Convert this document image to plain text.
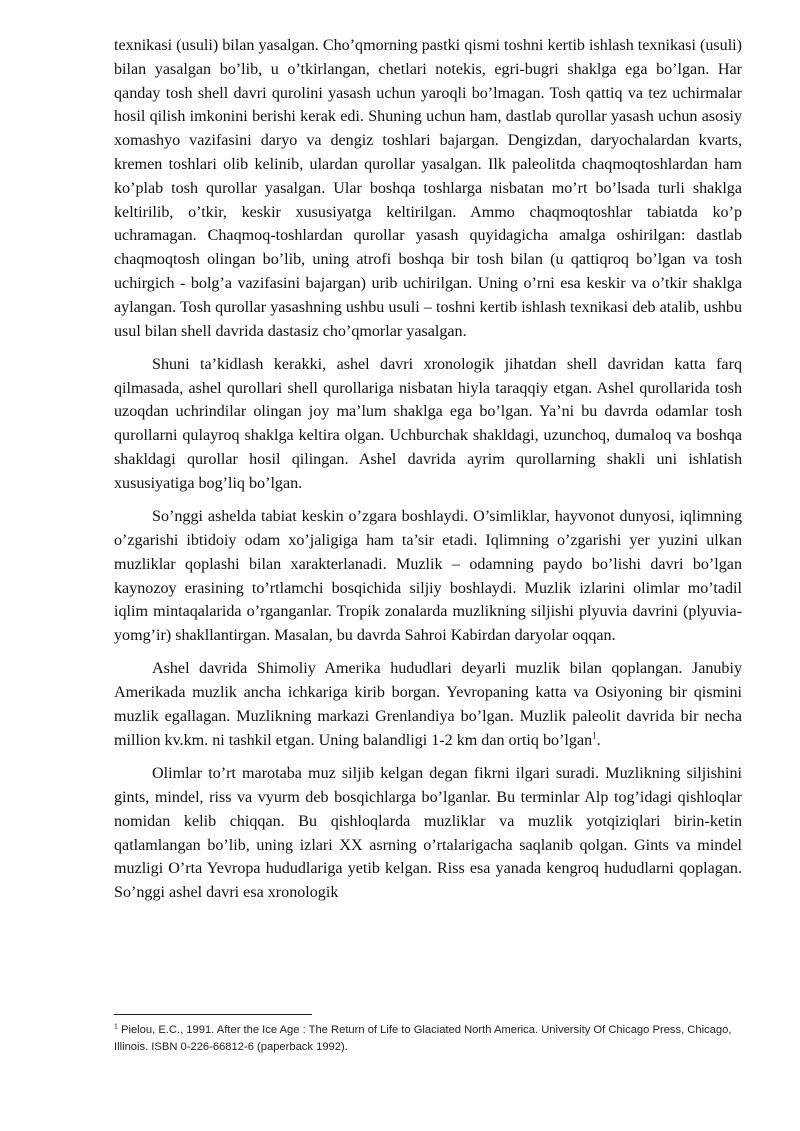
texnikasi (usuli) bilan yasalgan. Cho’qmorning pastki qismi toshni kertib ishlash texnikasi (usuli) bilan yasalgan bo’lib, u o’tkirlangan, chetlari notekis, egri-bugri shaklga ega bo’lgan. Har qanday tosh shell davri qurolini yasash uchun yaroqli bo’lmagan. Tosh qattiq va tez uchirmalar hosil qilish imkonini berishi kerak edi. Shuning uchun ham, dastlab qurollar yasash uchun asosiy xomashyo vazifasini daryo va dengiz toshlari bajargan. Dengizdan, daryochalardan kvarts, kremen toshlari olib kelinib, ulardan qurollar yasalgan. Ilk paleolitda chaqmoqtoshlardan ham ko’plab tosh qurollar yasalgan. Ular boshqa toshlarga nisbatan mo’rt bo’lsada turli shaklga keltirilib, o’tkir, keskir xususiyatga keltirilgan. Ammo chaqmoqtoshlar tabiatda ko’p uchramagan. Chaqmoq-toshlardan qurollar yasash quyidagicha amalga oshirilgan: dastlab chaqmoqtosh olingan bo’lib, uning atrofi boshqa bir tosh bilan (u qattiqroq bo’lgan va tosh uchirgich - bolg’a vazifasini bajargan) urib uchirilgan. Uning o’rni esa keskir va o’tkir shaklga aylangan. Tosh qurollar yasashning ushbu usuli – toshni kertib ishlash texnikasi deb atalib, ushbu usul bilan shell davrida dastasiz cho’qmorlar yasalgan.

Shuni ta’kidlash kerakki, ashel davri xronologik jihatdan shell davridan katta farq qilmasada, ashel qurollari shell qurollariga nisbatan hiyla taraqqiy etgan. Ashel qurollarida tosh uzoqdan uchrindilar olingan joy ma’lum shaklga ega bo’lgan. Ya’ni bu davrda odamlar tosh qurollarni qulayroq shaklga keltira olgan. Uchburchak shakldagi, uzunchoq, dumaloq va boshqa shakldagi qurollar hosil qilingan. Ashel davrida ayrim qurollarning shakli uni ishlatish xususiyatiga bog’liq bo’lgan.

So’nggi ashelda tabiat keskin o’zgara boshlaydi. O’simliklar, hayvonot dunyosi, iqlimning o’zgarishi ibtidoiy odam xo’jaligiga ham ta’sir etadi. Iqlimning o’zgarishi yer yuzini ulkan muzliklar qoplashi bilan xarakterlanadi. Muzlik – odamning paydo bo’lishi davri bo’lgan kaynozoy erasining to’rtlamchi bosqichida siljiy boshlaydi. Muzlik izlarini olimlar mo’tadil iqlim mintaqalarida o’rganganlar. Tropik zonalarda muzlikning siljishi plyuvia davrini (plyuvia-yomg’ir) shakllantirgan. Masalan, bu davrda Sahroi Kabirdan daryolar oqqan.

Ashel davrida Shimoliy Amerika hududlari deyarli muzlik bilan qoplangan. Janubiy Amerikada muzlik ancha ichkariga kirib borgan. Yevropaning katta va Osiyoning bir qismini muzlik egallagan. Muzlikning markazi Grenlandiya bo’lgan. Muzlik paleolit davrida bir necha million kv.km. ni tashkil etgan. Uning balandligi 1-2 km dan ortiq bo’lgan$^1$.

Olimlar to’rt marotaba muz siljib kelgan degan fikrni ilgari suradi. Muzlikning siljishini gints, mindel, riss va vyurm deb bosqichlarga bo’lganlar. Bu terminlar Alp tog’idagi qishloqlar nomidan kelib chiqqan. Bu qishloqlarda muzliklar va muzlik yotqiziqlari birin-ketin qatlamlangan bo’lib, uning izlari XX asrning o’rtalarigacha saqlanib qolgan. Gints va mindel muzligi O’rta Yevropa hududlariga yetib kelgan. Riss esa yanada kengroq hududlarni qoplagan. So’nggi ashel davri esa xronologik

$^1$ Pielou, E.C., 1991. After the Ice Age : The Return of Life to Glaciated North America. University Of Chicago Press, Chicago, Illinois. ISBN 0-226-66812-6 (paperback 1992).
